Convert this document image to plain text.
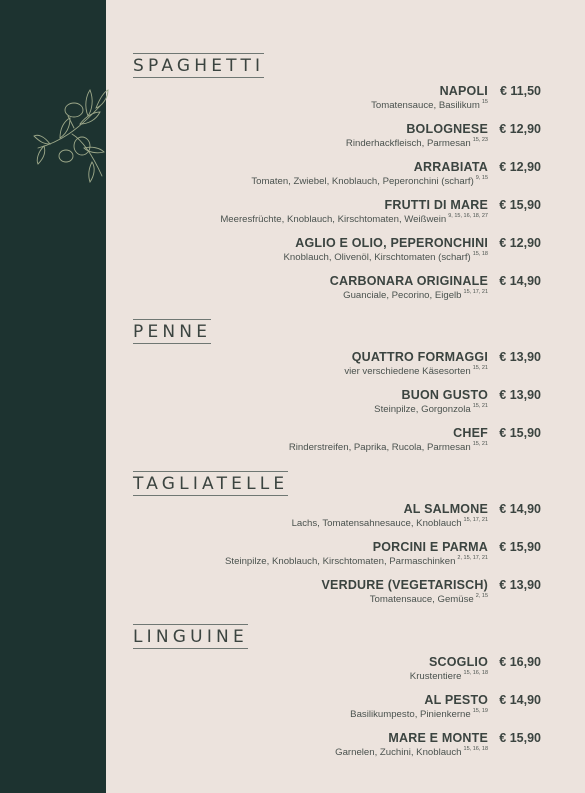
SPAGHETTI
NAPOLI € 11,50
Tomatensauce, Basilikum $^{15}$
BOLOGNESE € 12,90
Rinderhackfleisch, Parmesan $^{15, 23}$
ARRABIATA € 12,90
Tomaten, Zwiebel, Knoblauch, Peperonchini (scharf) $^{9, 15}$
FRUTTI DI MARE € 15,90
Meeresfrüchte, Knoblauch, Kirschtomaten, Weißwein $^{9, 15, 16, 18, 27}$
AGLIO E OLIO, PEPERONCHINI € 12,90
Knoblauch, Olivenöl, Kirschtomaten (scharf) $^{15, 18}$
CARBONARA ORIGINALE € 14,90
Guanciale, Pecorino, Eigelb $^{15, 17, 21}$
PENNE
QUATTRO FORMAGGI € 13,90
vier verschiedene Käsesorten $^{15, 21}$
BUON GUSTO € 13,90
Steinpilze, Gorgonzola $^{15, 21}$
CHEF € 15,90
Rinderstreifen, Paprika, Rucola, Parmesan $^{15, 21}$
TAGLIATELLE
AL SALMONE € 14,90
Lachs, Tomatensahnesauce, Knoblauch $^{15, 17, 21}$
PORCINI E PARMA € 15,90
Steinpilze, Knoblauch, Kirschtomaten, Parmaschinken $^{2, 15, 17, 21}$
VERDURE (VEGETARISCH) € 13,90
Tomatensauce, Gemüse $^{2, 15}$
LINGUINE
SCOGLIO € 16,90
Krustentiere $^{15, 16, 18}$
AL PESTO € 14,90
Basilikumpesto, Pinienkerne $^{15, 19}$
MARE E MONTE € 15,90
Garnelen, Zuchini, Knoblauch $^{15, 16, 18}$
